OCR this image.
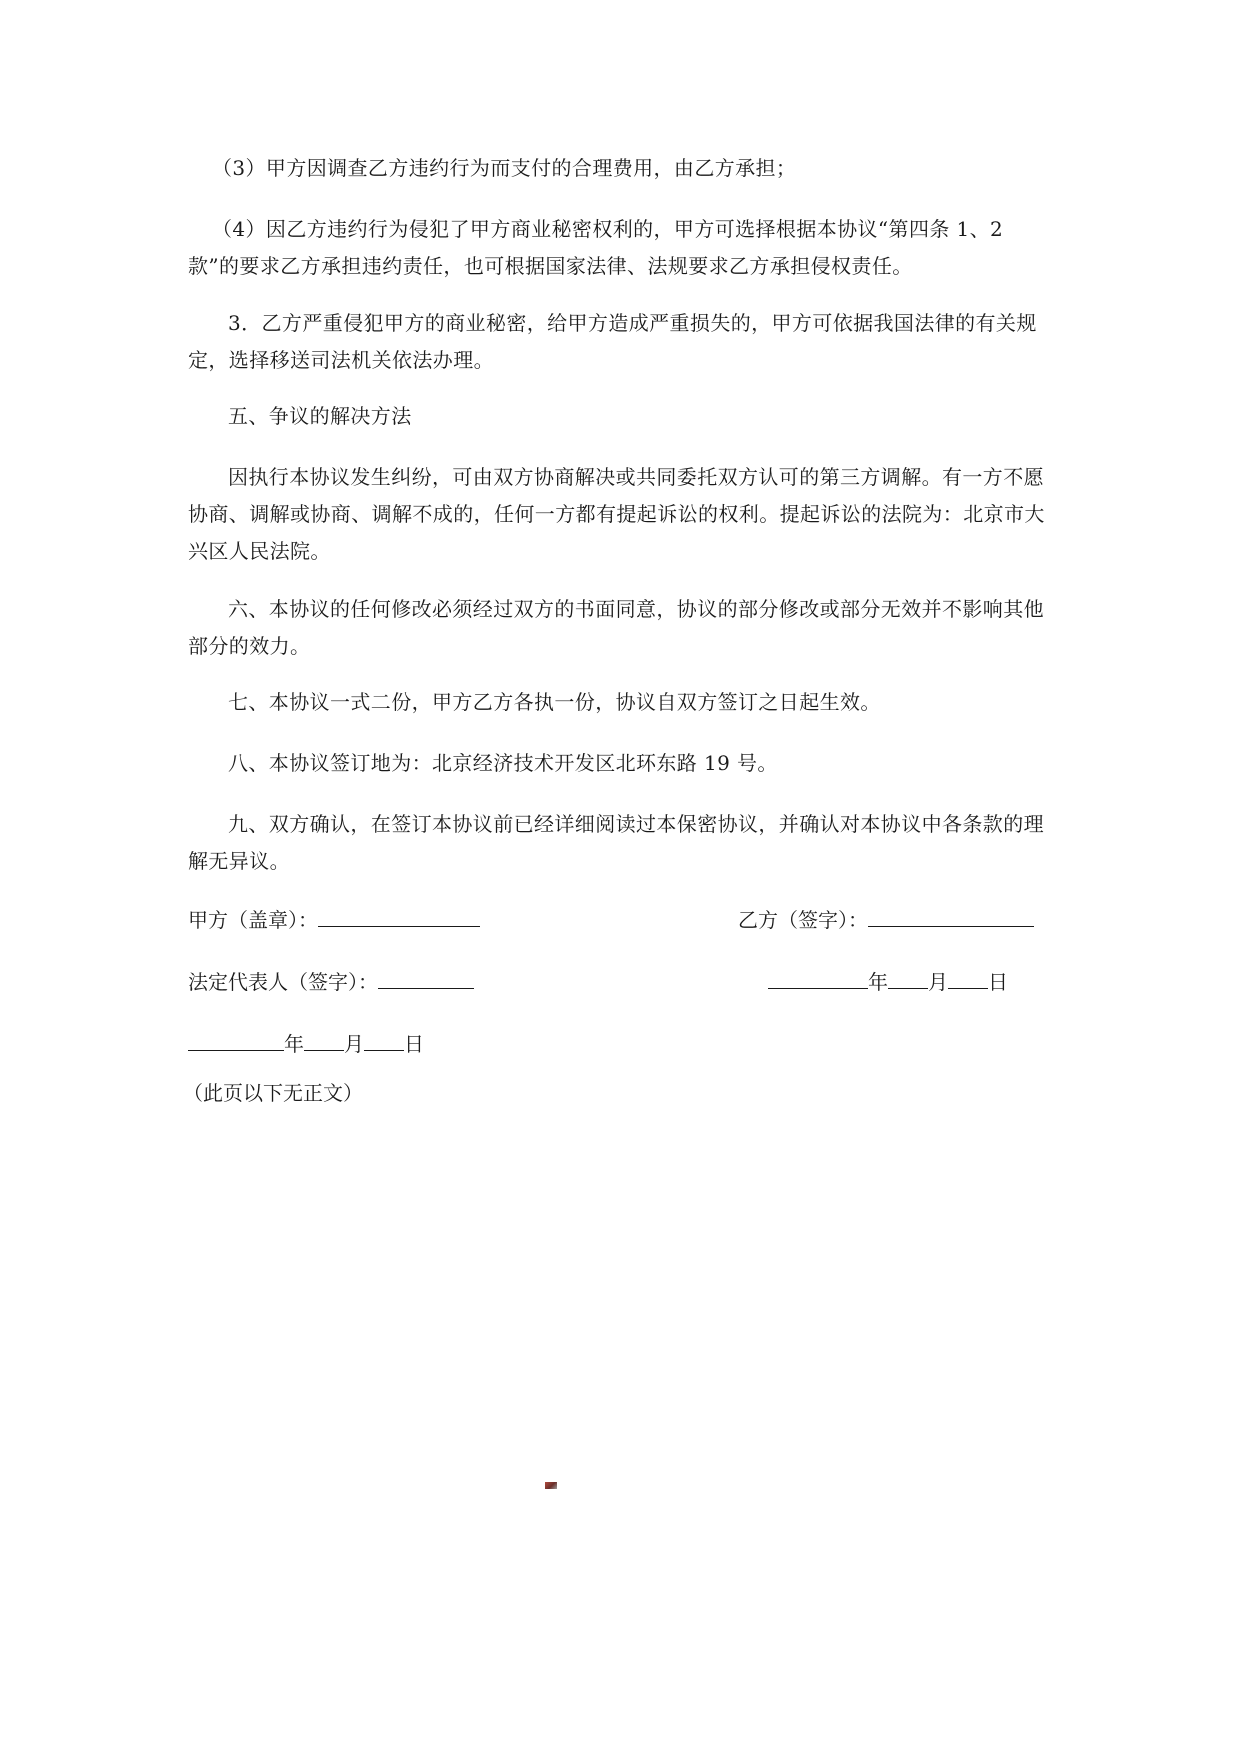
（3）甲方因调查乙方违约行为而支付的合理费用，由乙方承担；
（4）因乙方违约行为侵犯了甲方商业秘密权利的，甲方可选择根据本协议“第四条 1、2 款”的要求乙方承担违约责任，也可根据国家法律、法规要求乙方承担侵权责任。
3．乙方严重侵犯甲方的商业秘密，给甲方造成严重损失的，甲方可依据我国法律的有关规定，选择移送司法机关依法办理。
五、争议的解决方法
因执行本协议发生纠纷，可由双方协商解决或共同委托双方认可的第三方调解。有一方不愿协商、调解或协商、调解不成的，任何一方都有提起诉讼的权利。提起诉讼的法院为：北京市大兴区人民法院。
六、本协议的任何修改必须经过双方的书面同意，协议的部分修改或部分无效并不影响其他部分的效力。
七、本协议一式二份，甲方乙方各执一份，协议自双方签订之日起生效。
八、本协议签订地为：北京经济技术开发区北环东路 19 号。
九、双方确认，在签订本协议前已经详细阅读过本保密协议，并确认对本协议中各条款的理解无异议。
甲方（盖章）：	乙方（签字）：
法定代表人（签字）：	年 月 日
年 月 日
（此页以下无正文）
